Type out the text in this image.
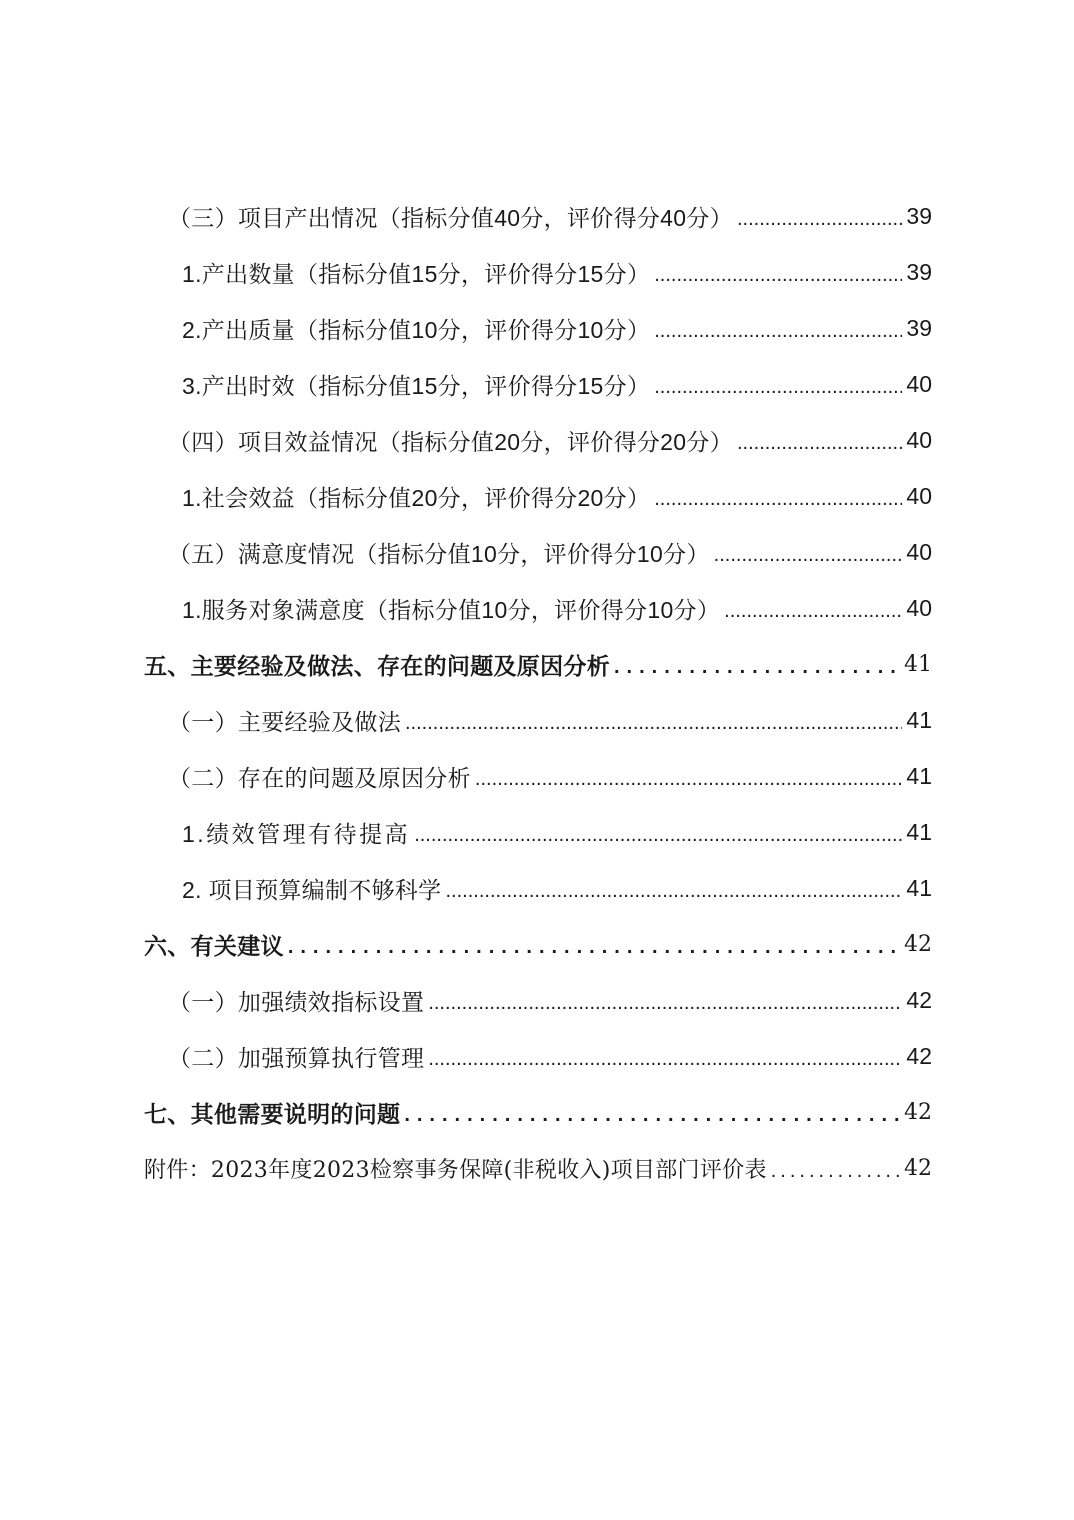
（三）项目产出情况（指标分值40分，评价得分40分） .....	39
1.产出数量（指标分值15分，评价得分15分） .....	39
2.产出质量（指标分值10分，评价得分10分） .....	39
3.产出时效（指标分值15分，评价得分15分） .....	40
（四）项目效益情况（指标分值20分，评价得分20分） .....	40
1.社会效益（指标分值20分，评价得分20分） .....	40
（五）满意度情况（指标分值10分，评价得分10分） .....	40
1.服务对象满意度（指标分值10分，评价得分10分） .....	40
五、主要经验及做法、存在的问题及原因分析 .....	41
（一）主要经验及做法 .....	41
（二）存在的问题及原因分析 .....	41
1.绩效管理有待提高 .....	41
2. 项目预算编制不够科学 .....	41
六、有关建议 .....	42
（一）加强绩效指标设置 .....	42
（二）加强预算执行管理 .....	42
七、其他需要说明的问题 .....	42
附件：2023年度2023检察事务保障(非税收入)项目部门评价表 .....	42
